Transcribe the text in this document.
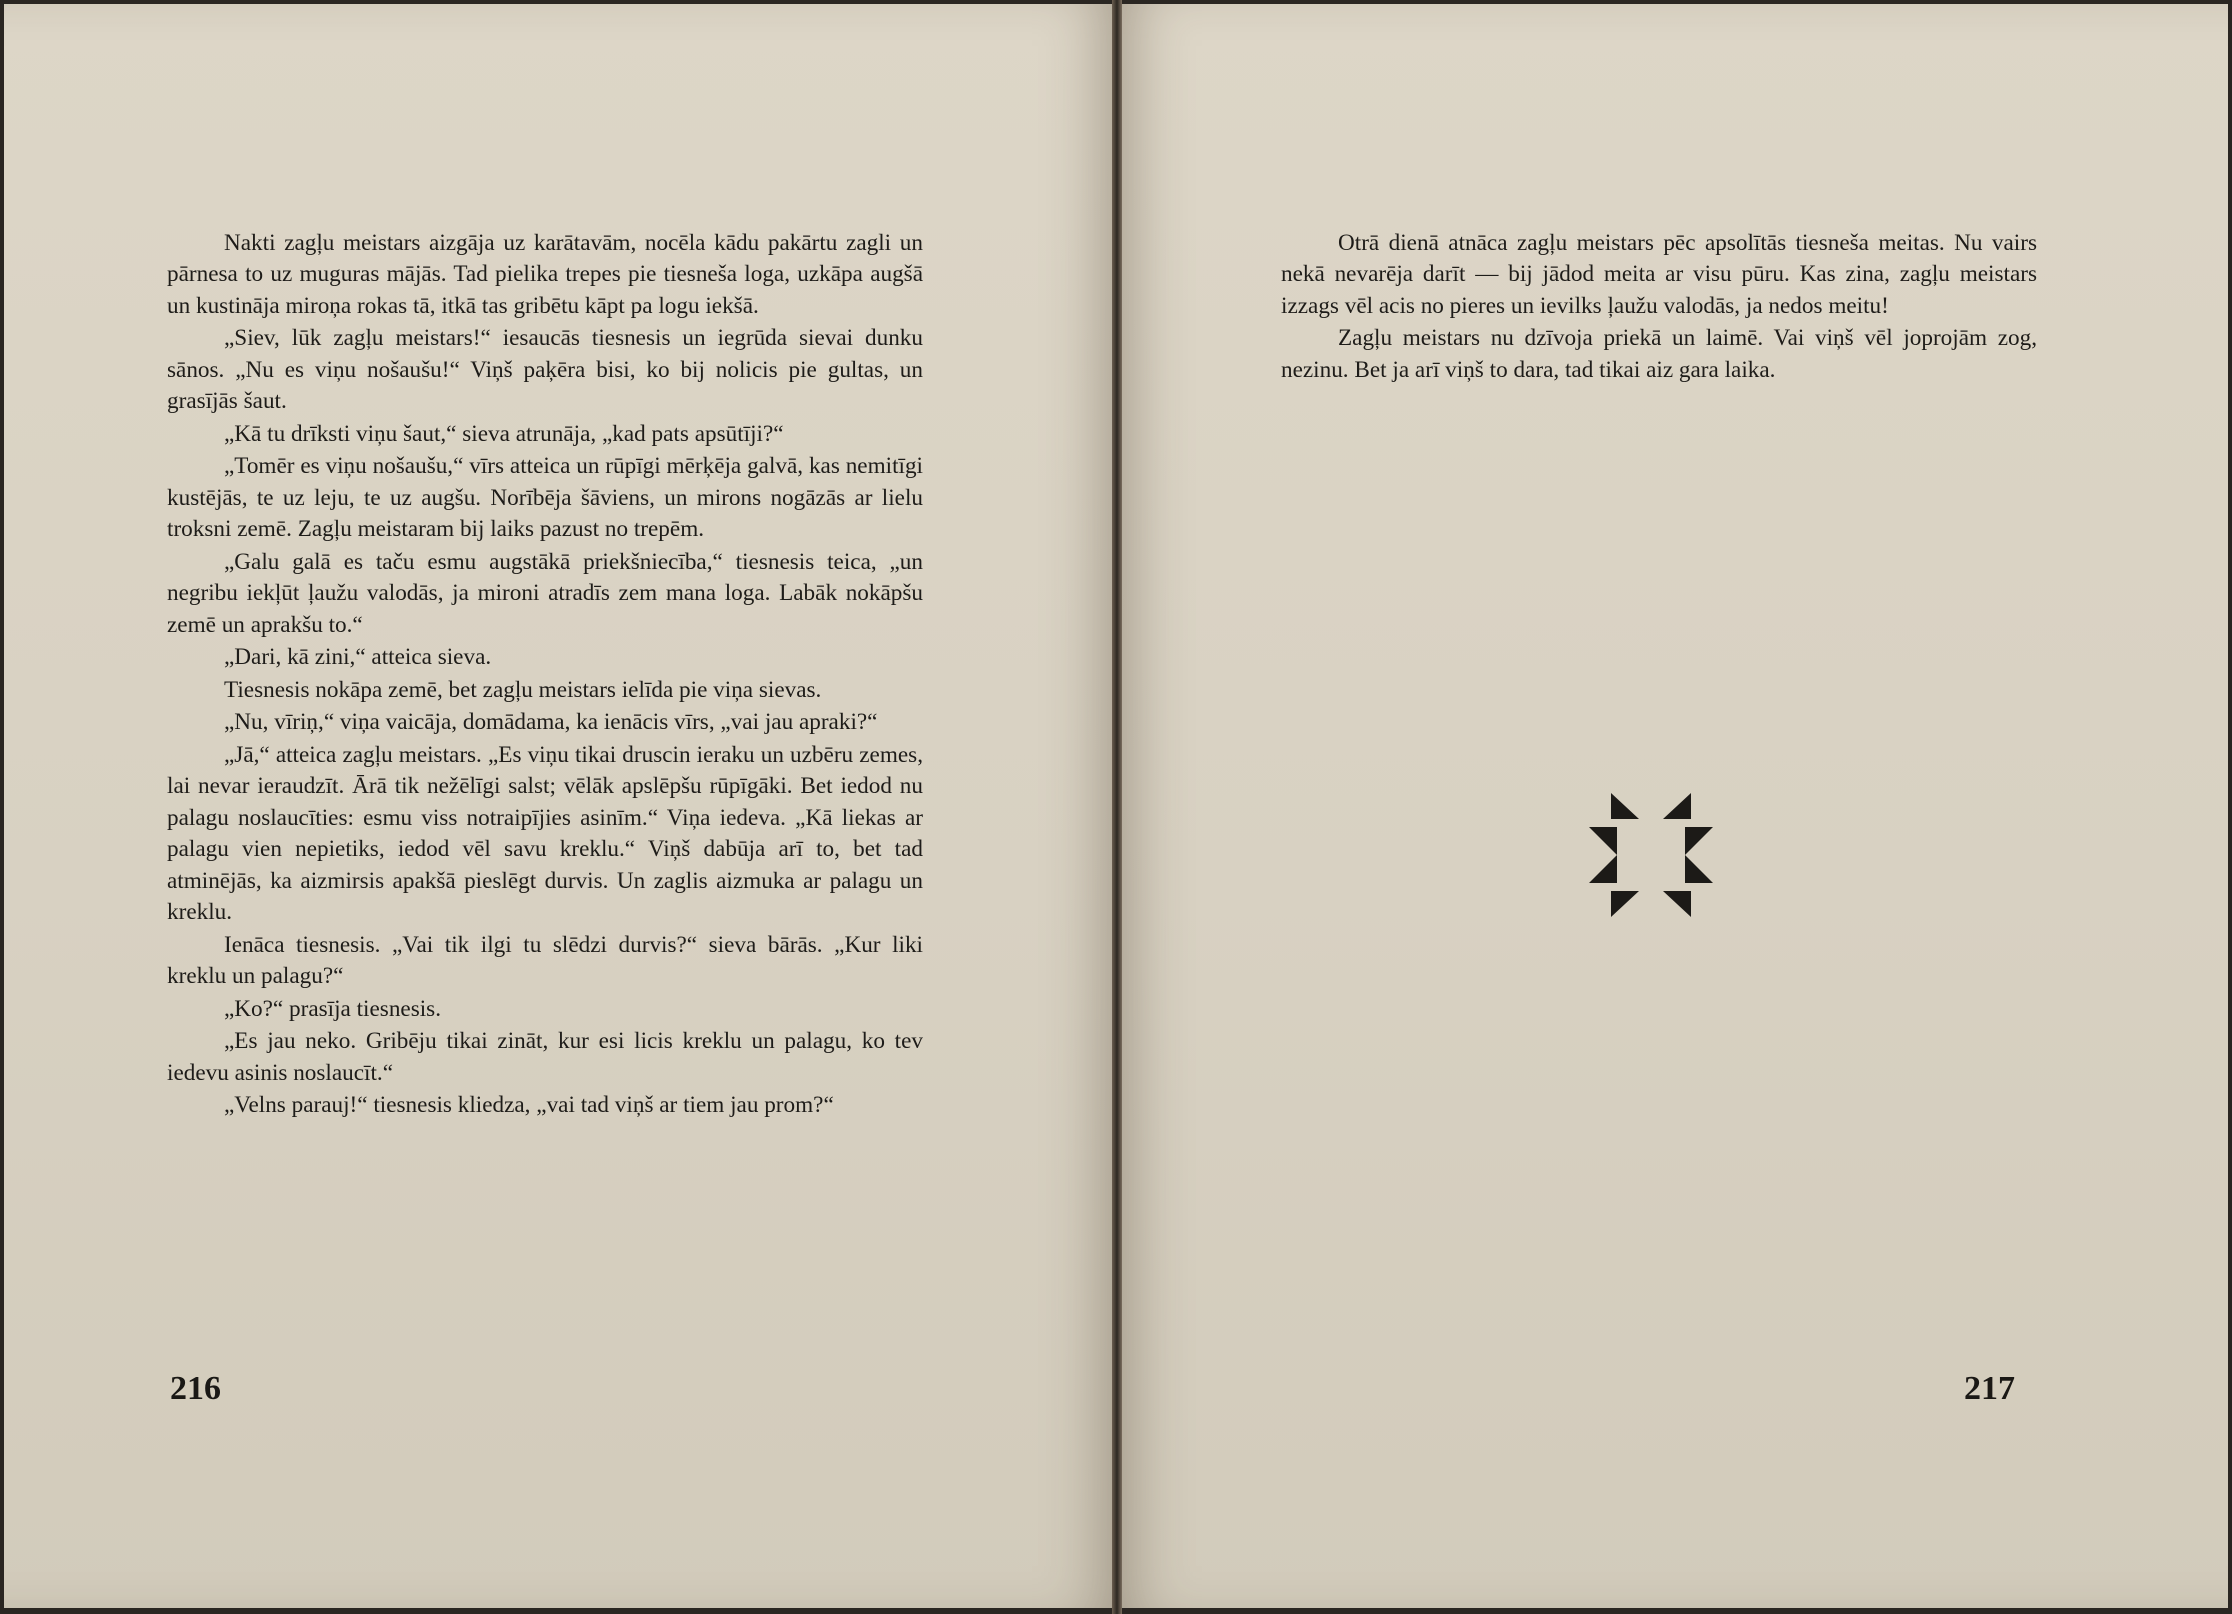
Nakti zagļu meistars aizgāja uz karātavām, nocēla kādu pakārtu zagli un pārnesa to uz muguras mājās. Tad pielika trepes pie tiesneša loga, uzkāpa augšā un kustināja miroņa rokas tā, itkā tas gribētu kāpt pa logu iekšā.

„Siev, lūk zagļu meistars!“ iesaucās tiesnesis un iegrūda sievai dunku sānos. „Nu es viņu nošaušu!“ Viņš paķēra bisi, ko bij nolicis pie gultas, un grasījās šaut.

„Kā tu drīksti viņu šaut,“ sieva atrunāja, „kad pats apsūtīji?“

„Tomēr es viņu nošaušu,“ vīrs atteica un rūpīgi mērķēja galvā, kas nemitīgi kustējās, te uz leju, te uz augšu. Norībēja šāviens, un mirons nogāzās ar lielu troksni zemē. Zagļu meistaram bij laiks pazust no trepēm.

„Galu galā es taču esmu augstākā priekšniecība,“ tiesnesis teica, „un negribu iekļūt ļaužu valodās, ja mironi atradīs zem mana loga. Labāk nokāpšu zemē un aprakšu to.“

„Dari, kā zini,“ atteica sieva.

Tiesnesis nokāpa zemē, bet zagļu meistars ielīda pie viņa sievas.

„Nu, vīriņ,“ viņa vaicāja, domādama, ka ienācis vīrs, „vai jau apraki?“

„Jā,“ atteica zagļu meistars. „Es viņu tikai druscin ieraku un uzbēru zemes, lai nevar ieraudzīt. Ārā tik nežēlīgi salst; vēlāk apslēpšu rūpīgāki. Bet iedod nu palagu noslaucīties: esmu viss notraipījies asinīm.“ Viņa iedeva. „Kā liekas ar palagu vien nepietiks, iedod vēl savu kreklu.“ Viņš dabūja arī to, bet tad atminējās, ka aizmirsis apakšā pieslēgt durvis. Un zaglis aizmuka ar palagu un kreklu.

Ienāca tiesnesis. „Vai tik ilgi tu slēdzi durvis?“ sieva bārās. „Kur liki kreklu un palagu?“

„Ko?“ prasīja tiesnesis.

„Es jau neko. Gribēju tikai zināt, kur esi licis kreklu un palagu, ko tev iedevu asinis noslaucīt.“

„Velns parauj!“ tiesnesis kliedza, „vai tad viņš ar tiem jau prom?“

216

Otrā dienā atnāca zagļu meistars pēc apsolītās tiesneša meitas. Nu vairs nekā nevarēja darīt — bij jādod meita ar visu pūru. Kas zina, zagļu meistars izzags vēl acis no pieres un ievilks ļaužu valodās, ja nedos meitu!

Zagļu meistars nu dzīvoja priekā un laimē. Vai viņš vēl joprojām zog, nezinu. Bet ja arī viņš to dara, tad tikai aiz gara laika.

217
